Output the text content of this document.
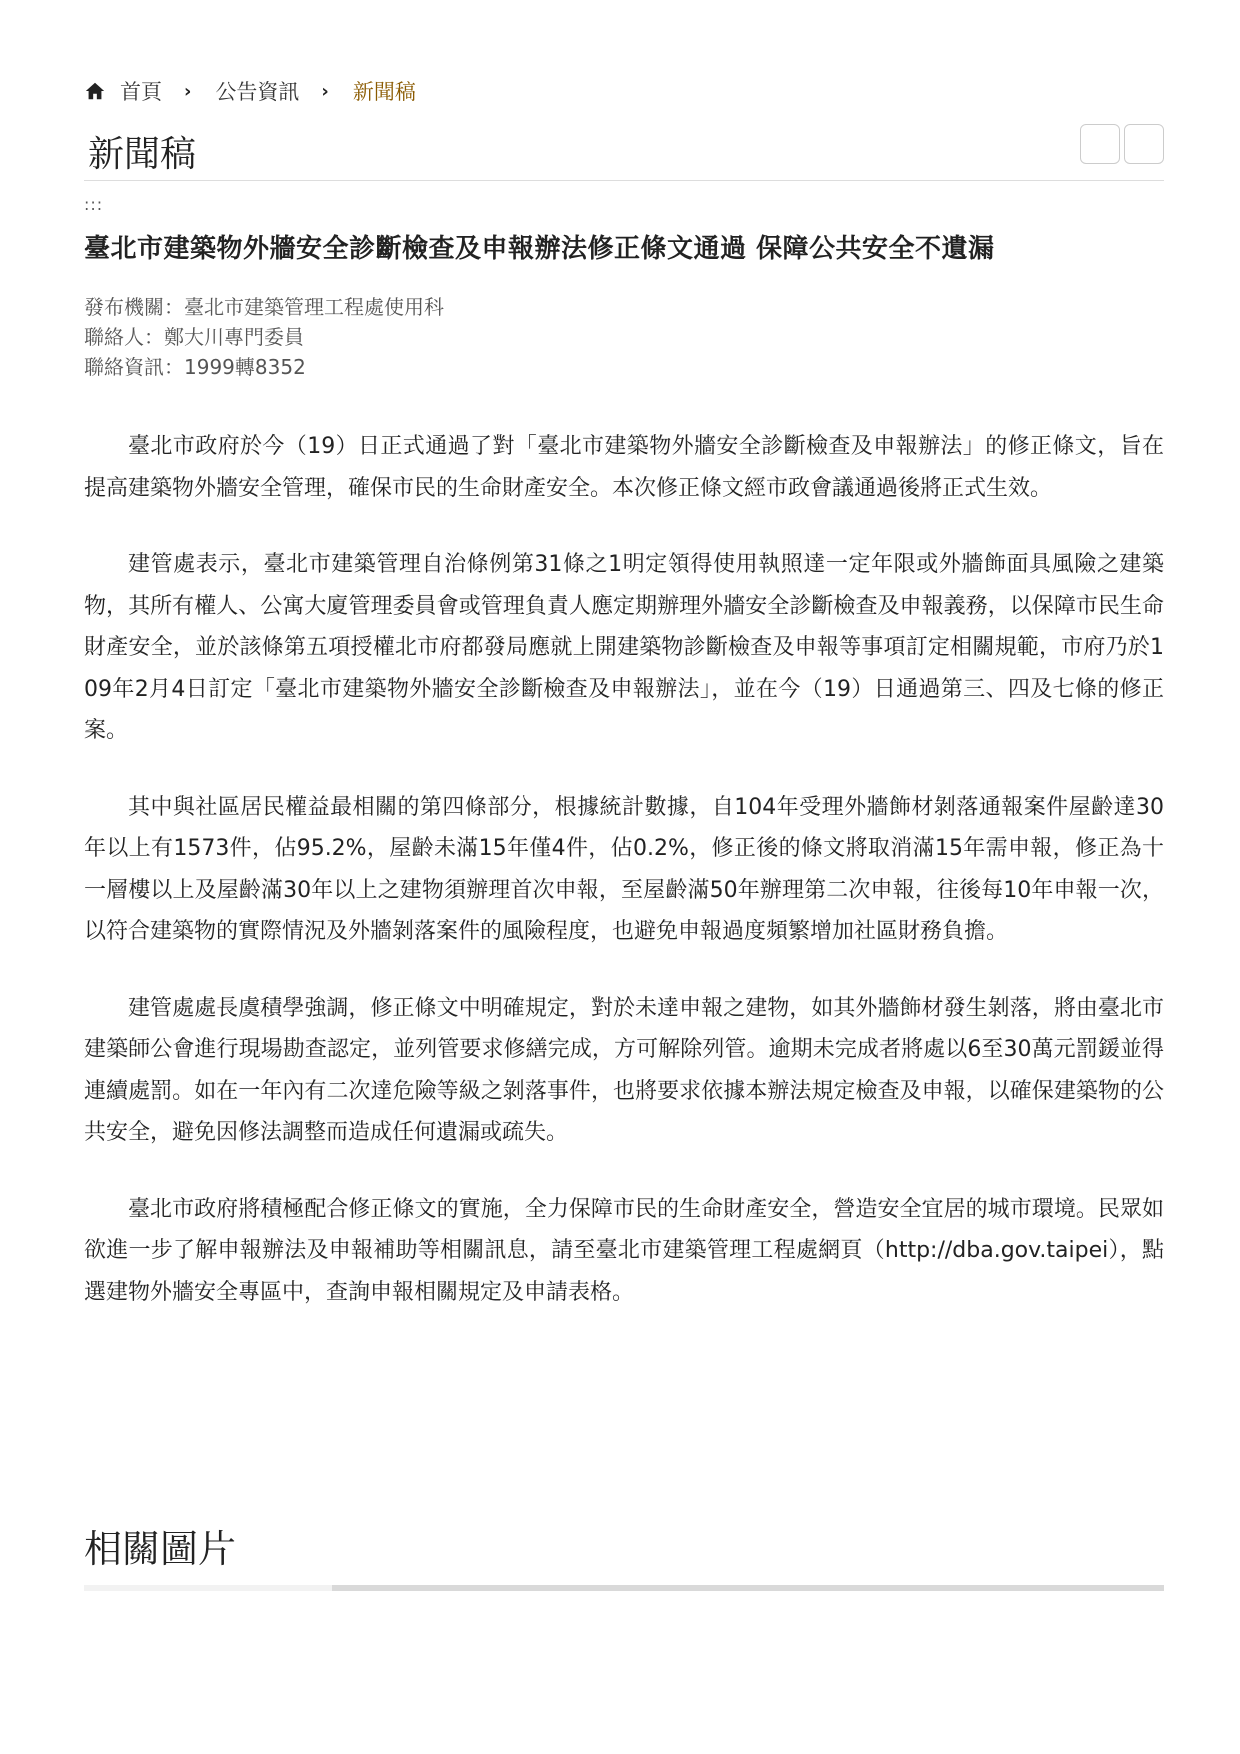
首頁 › 公告資訊 › 新聞稿
新聞稿
:::
臺北市建築物外牆安全診斷檢查及申報辦法修正條文通過 保障公共安全不遺漏
發布機關：臺北市建築管理工程處使用科
聯絡人：鄭大川專門委員
聯絡資訊：1999轉8352

臺北市政府於今（19）日正式通過了對「臺北市建築物外牆安全診斷檢查及申報辦法」的修正條文，旨在提高建築物外牆安全管理，確保市民的生命財產安全。本次修正條文經市政會議通過後將正式生效。

建管處表示，臺北市建築管理自治條例第31條之1明定領得使用執照達一定年限或外牆飾面具風險之建築物，其所有權人、公寓大廈管理委員會或管理負責人應定期辦理外牆安全診斷檢查及申報義務，以保障市民生命財產安全，並於該條第五項授權北市府都發局應就上開建築物診斷檢查及申報等事項訂定相關規範，市府乃於109年2月4日訂定「臺北市建築物外牆安全診斷檢查及申報辦法」，並在今（19）日通過第三、四及七條的修正案。

其中與社區居民權益最相關的第四條部分，根據統計數據，自104年受理外牆飾材剝落通報案件屋齡達30年以上有1573件，佔95.2%，屋齡未滿15年僅4件，佔0.2%，修正後的條文將取消滿15年需申報，修正為十一層樓以上及屋齡滿30年以上之建物須辦理首次申報，至屋齡滿50年辦理第二次申報，往後每10年申報一次，以符合建築物的實際情況及外牆剝落案件的風險程度，也避免申報過度頻繁增加社區財務負擔。

建管處處長虞積學強調，修正條文中明確規定，對於未達申報之建物，如其外牆飾材發生剝落，將由臺北市建築師公會進行現場勘查認定，並列管要求修繕完成，方可解除列管。逾期未完成者將處以6至30萬元罰鍰並得連續處罰。如在一年內有二次達危險等級之剝落事件，也將要求依據本辦法規定檢查及申報，以確保建築物的公共安全，避免因修法調整而造成任何遺漏或疏失。

臺北市政府將積極配合修正條文的實施，全力保障市民的生命財產安全，營造安全宜居的城市環境。民眾如欲進一步了解申報辦法及申報補助等相關訊息，請至臺北市建築管理工程處網頁（http://dba.gov.taipei），點選建物外牆安全專區中，查詢申報相關規定及申請表格。

相關圖片
